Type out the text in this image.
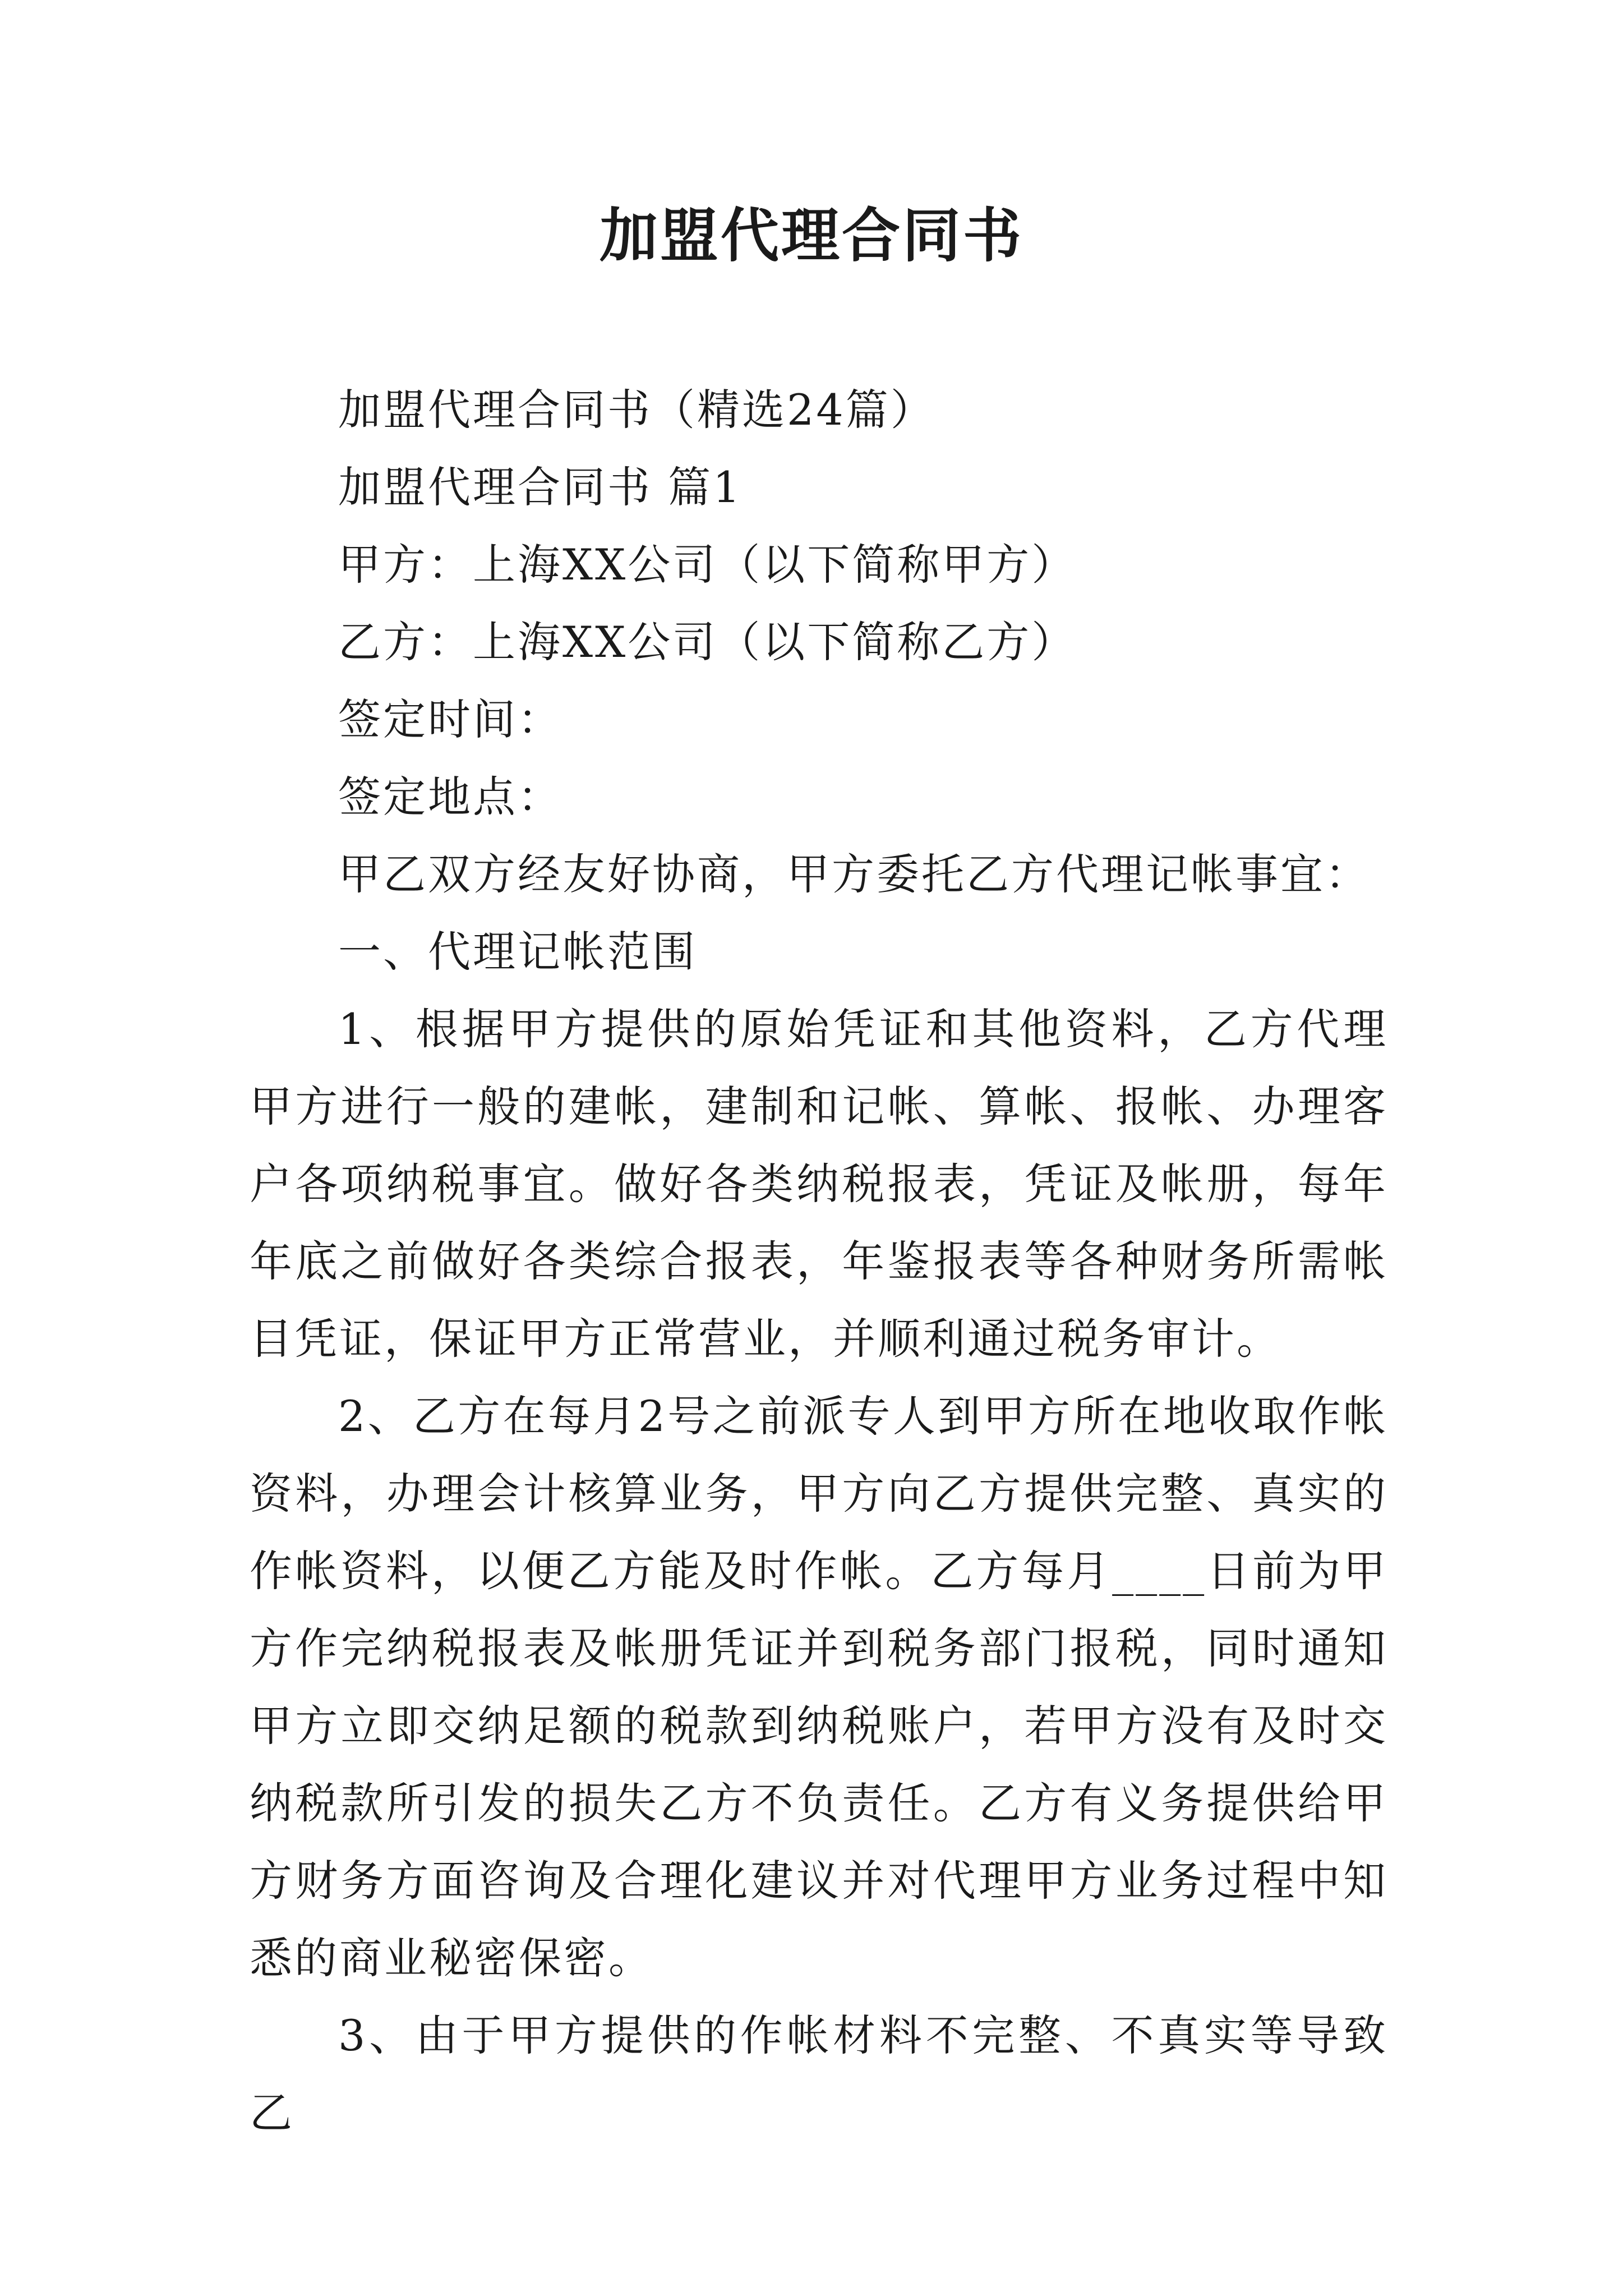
加盟代理合同书

加盟代理合同书（精选24篇）

加盟代理合同书 篇1

甲方：上海XX公司（以下简称甲方）

乙方：上海XX公司（以下简称乙方）

签定时间：

签定地点：

甲乙双方经友好协商，甲方委托乙方代理记帐事宜：

一、代理记帐范围

1、根据甲方提供的原始凭证和其他资料，乙方代理甲方进行一般的建帐，建制和记帐、算帐、报帐、办理客户各项纳税事宜。做好各类纳税报表，凭证及帐册，每年年底之前做好各类综合报表，年鉴报表等各种财务所需帐目凭证，保证甲方正常营业，并顺利通过税务审计。

2、乙方在每月2号之前派专人到甲方所在地收取作帐资料，办理会计核算业务，甲方向乙方提供完整、真实的作帐资料，以便乙方能及时作帐。乙方每月____日前为甲方作完纳税报表及帐册凭证并到税务部门报税，同时通知甲方立即交纳足额的税款到纳税账户，若甲方没有及时交纳税款所引发的损失乙方不负责任。乙方有义务提供给甲方财务方面咨询及合理化建议并对代理甲方业务过程中知悉的商业秘密保密。

3、由于甲方提供的作帐材料不完整、不真实等导致乙
